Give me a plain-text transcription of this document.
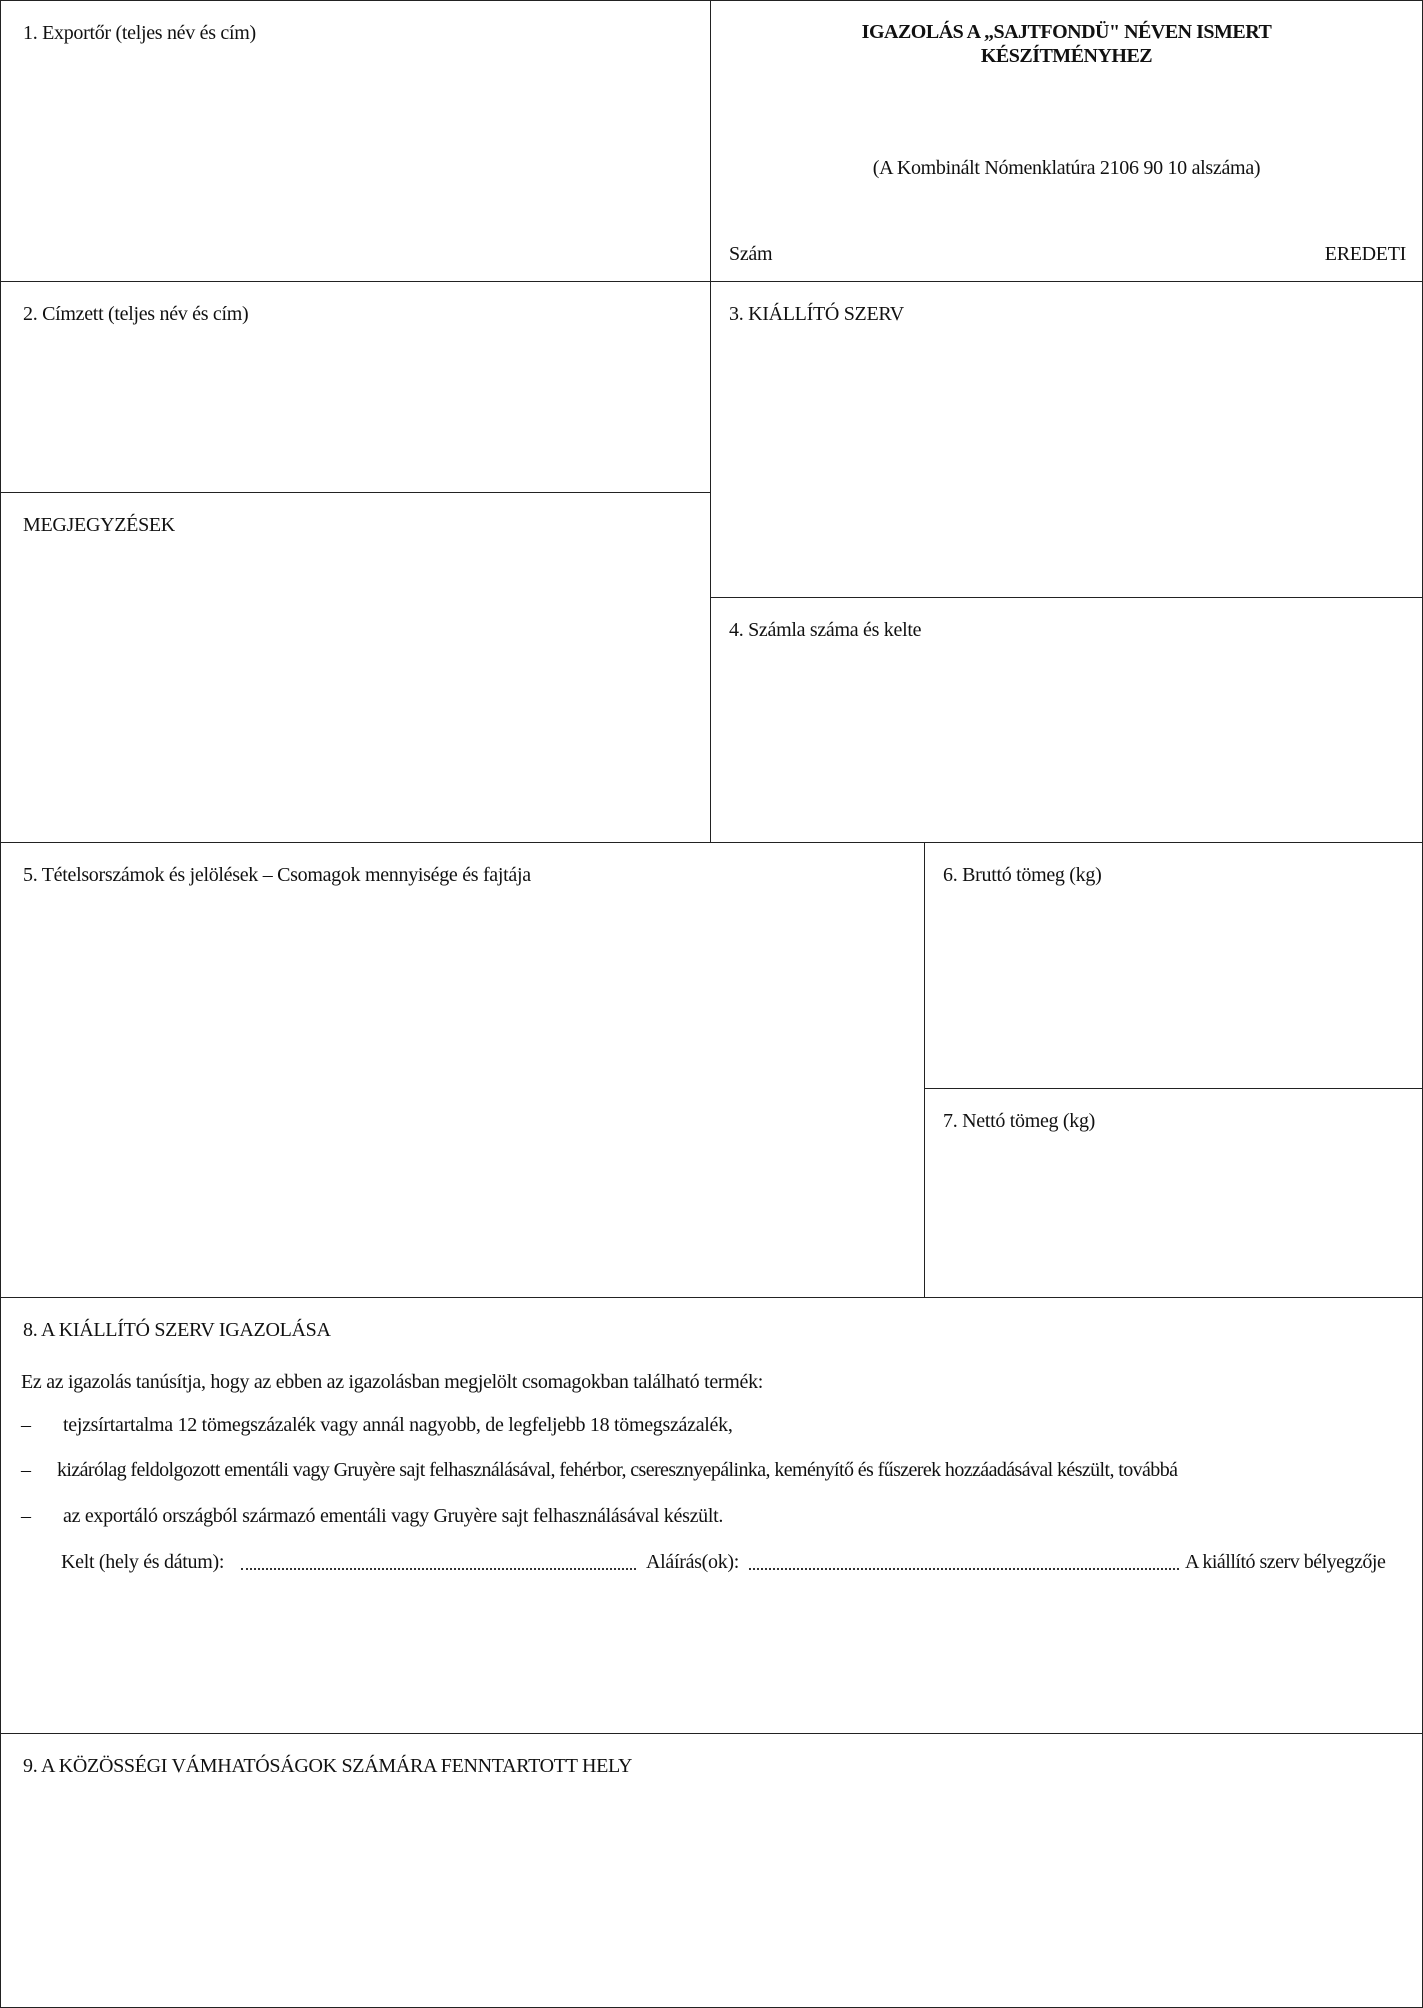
1. Exportőr (teljes név és cím)	IGAZOLÁS A „SAJTFONDÜ" NÉVEN ISMERT
KÉSZÍTMÉNYHEZ
(A Kombinált Nómenklatúra 2106 90 10 alszáma)
Szám	EREDETI
2. Címzett (teljes név és cím)
MEGJEGYZÉSEK
3. KIÁLLÍTÓ SZERV
4. Számla száma és kelte
5. Tételsorszámok és jelölések – Csomagok mennyisége és fajtája	6. Bruttó tömeg (kg)
7. Nettó tömeg (kg)
8. A KIÁLLÍTÓ SZERV IGAZOLÁSA
Ez az igazolás tanúsítja, hogy az ebben az igazolásban megjelölt csomagokban található termék:
– tejzsírtartalma 12 tömegszázalék vagy annál nagyobb, de legfeljebb 18 tömegszázalék,
– kizárólag feldolgozott ementáli vagy Gruyère sajt felhasználásával, fehérbor, cseresznyepálinka, keményítő és fűszerek hozzáadásával készült, továbbá
– az exportáló országból származó ementáli vagy Gruyère sajt felhasználásával készült.
Kelt (hely és dátum):	Aláírás(ok):	A kiállító szerv bélyegzője
9. A KÖZÖSSÉGI VÁMHATÓSÁGOK SZÁMÁRA FENNTARTOTT HELY
